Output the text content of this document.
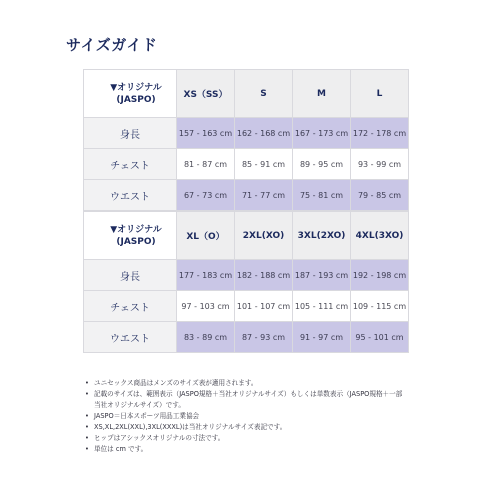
サイズガイド
▼オリジナル
(JASPO)	XS（SS）	S	M	L
身長	157 - 163 cm	162 - 168 cm	167 - 173 cm	172 - 178 cm
チェスト	81 - 87 cm	85 - 91 cm	89 - 95 cm	93 - 99 cm
ウエスト	67 - 73 cm	71 - 77 cm	75 - 81 cm	79 - 85 cm
▼オリジナル
(JASPO)	XL（O）	2XL(XO)	3XL(2XO)	4XL(3XO)
身長	177 - 183 cm	182 - 188 cm	187 - 193 cm	192 - 198 cm
チェスト	97 - 103 cm	101 - 107 cm	105 - 111 cm	109 - 115 cm
ウエスト	83 - 89 cm	87 - 93 cm	91 - 97 cm	95 - 101 cm
• ユニセックス商品はメンズのサイズ表が適用されます。
• 記載のサイズは、範囲表示（JASPO規格＋当社オリジナルサイズ）もしくは単数表示（JASPO規格＋一部当社オリジナルサイズ）です。
• JASPO＝日本スポーツ用品工業協会
• XS,XL,2XL(XXL),3XL(XXXL)は当社オリジナルサイズ表記です。
• ヒップはアシックスオリジナルの寸法です。
• 単位は cm です。
